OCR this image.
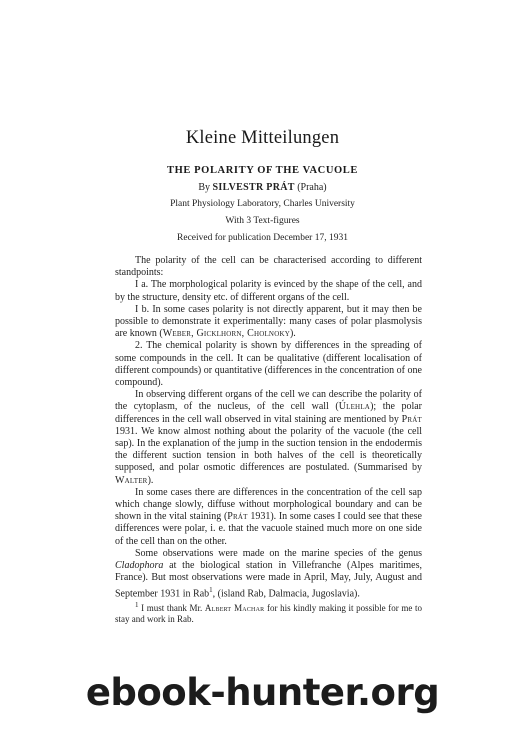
Kleine Mitteilungen
THE POLARITY OF THE VACUOLE
By SILVESTR PRÁT (Praha)
Plant Physiology Laboratory, Charles University
With 3 Text-figures
Received for publication December 17, 1931

The polarity of the cell can be characterised according to different standpoints:

I a. The morphological polarity is evinced by the shape of the cell, and by the structure, density etc. of different organs of the cell.

I b. In some cases polarity is not directly apparent, but it may then be possible to demonstrate it experimentally: many cases of polar plasmolysis are known (Weber, Gicklhorn, Cholnoky).

2. The chemical polarity is shown by differences in the spreading of some compounds in the cell. It can be qualitative (different localisation of different compounds) or quantitative (differences in the concentration of one compound).

In observing different organs of the cell we can describe the polarity of the cytoplasm, of the nucleus, of the cell wall (Úlehla); the polar differences in the cell wall observed in vital staining are mentioned by Prát 1931. We know almost nothing about the polarity of the vacuole (the cell sap). In the explanation of the jump in the suction tension in the endodermis the different suction tension in both halves of the cell is theoretically supposed, and polar osmotic differences are postulated. (Summarised by Walter).

In some cases there are differences in the concentration of the cell sap which change slowly, diffuse without morphological boundary and can be shown in the vital staining (Prát 1931). In some cases I could see that these differences were polar, i. e. that the vacuole stained much more on one side of the cell than on the other.

Some observations were made on the marine species of the genus Cladophora at the biological station in Villefranche (Alpes maritimes, France). But most observations were made in April, May, July, August and September 1931 in Rab$^1$, (island Rab, Dalmacia, Jugoslavia).

$^1$ I must thank Mr. Albert Machar for his kindly making it possible for me to stay and work in Rab.

ebook-hunter.org
